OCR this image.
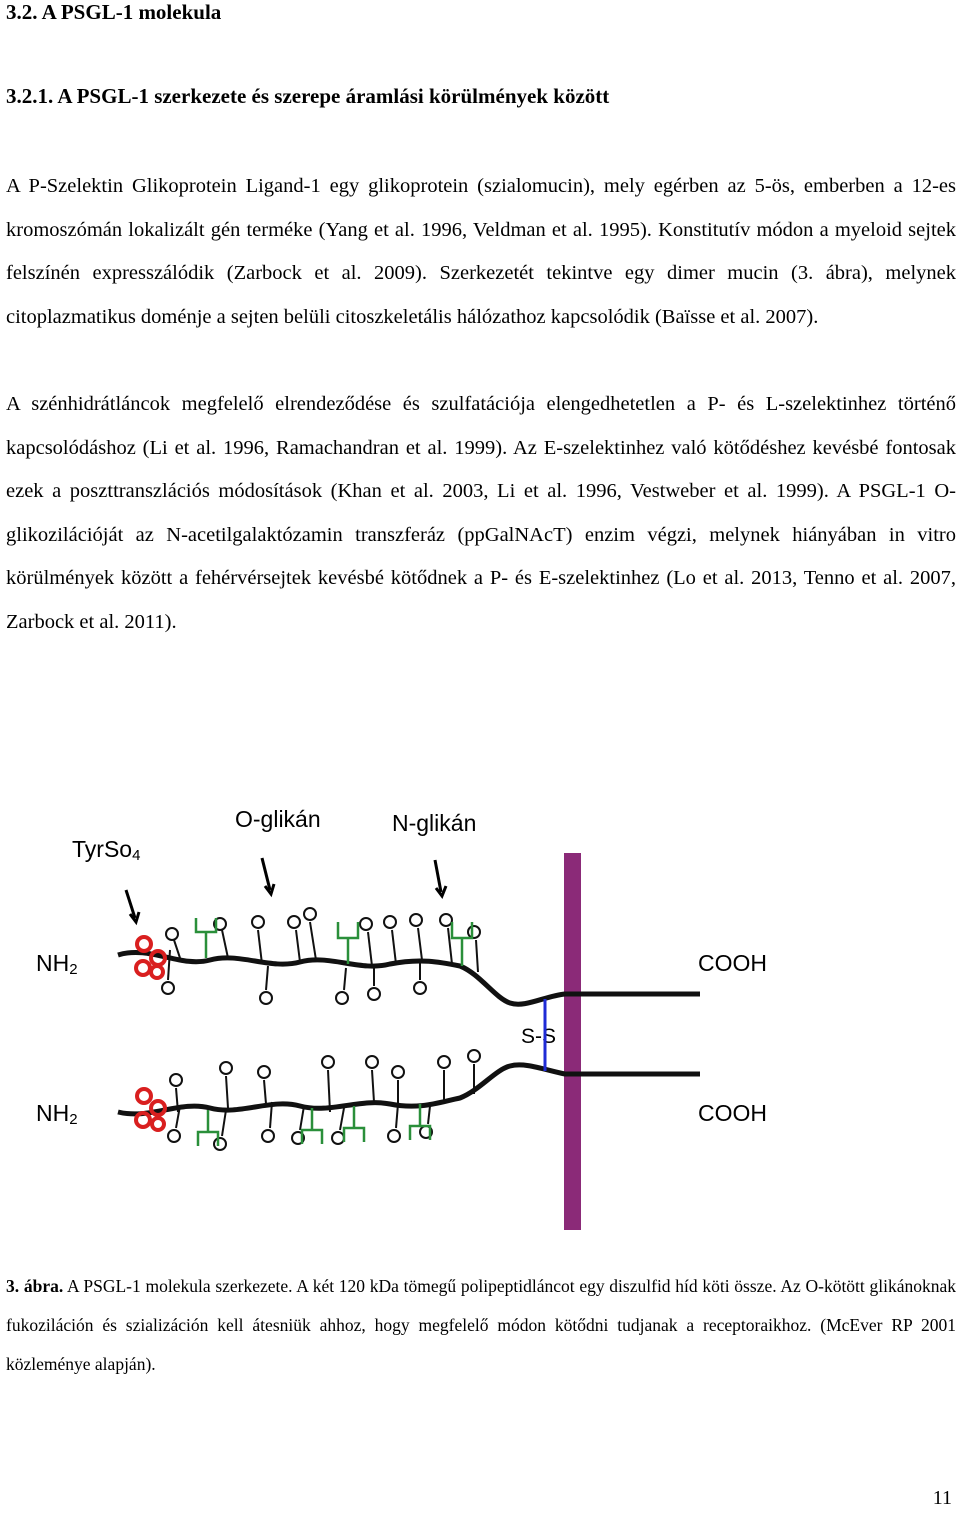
3.2. A PSGL-1 molekula
3.2.1. A PSGL-1 szerkezete és szerepe áramlási körülmények között
A P-Szelektin Glikoprotein Ligand-1 egy glikoprotein (szialomucin), mely egérben az 5-ös, emberben a 12-es kromoszómán lokalizált gén terméke (Yang et al. 1996, Veldman et al. 1995). Konstitutív módon a myeloid sejtek felszínén expresszálódik (Zarbock et al. 2009). Szerkezetét tekintve egy dimer mucin (3. ábra), melynek citoplazmatikus doménje a sejten belüli citoszkeletális hálózathoz kapcsolódik (Baïsse et al. 2007).
A szénhidrátláncok megfelelő elrendeződése és szulfatációja elengedhetetlen a P- és L-szelektinhez történő kapcsolódáshoz (Li et al. 1996, Ramachandran et al. 1999). Az E-szelektinhez való kötődéshez kevésbé fontosak ezek a poszttranszlációs módosítások (Khan et al. 2003, Li et al. 1996, Vestweber et al. 1999). A PSGL-1 O-glikozilációját az N-acetilgalaktózamin transzferáz (ppGalNAcT) enzim végzi, melynek hiányában in vitro körülmények között a fehérvérsejtek kevésbé kötődnek a P- és E-szelektinhez (Lo et al. 2013, Tenno et al. 2007, Zarbock et al. 2011).
TyrSo$_4$
O-glikán	N-glikán
$NH_2$
$NH_2$
COOH
COOH
S-S
3. ábra. A PSGL-1 molekula szerkezete. A két 120 kDa tömegű polipeptidláncot egy diszulfid híd köti össze. Az O-kötött glikánoknak fukoziláción és szializáción kell átesniük ahhoz, hogy megfelelő módon kötődni tudjanak a receptoraikhoz. (McEver RP 2001 közleménye alapján).
11
